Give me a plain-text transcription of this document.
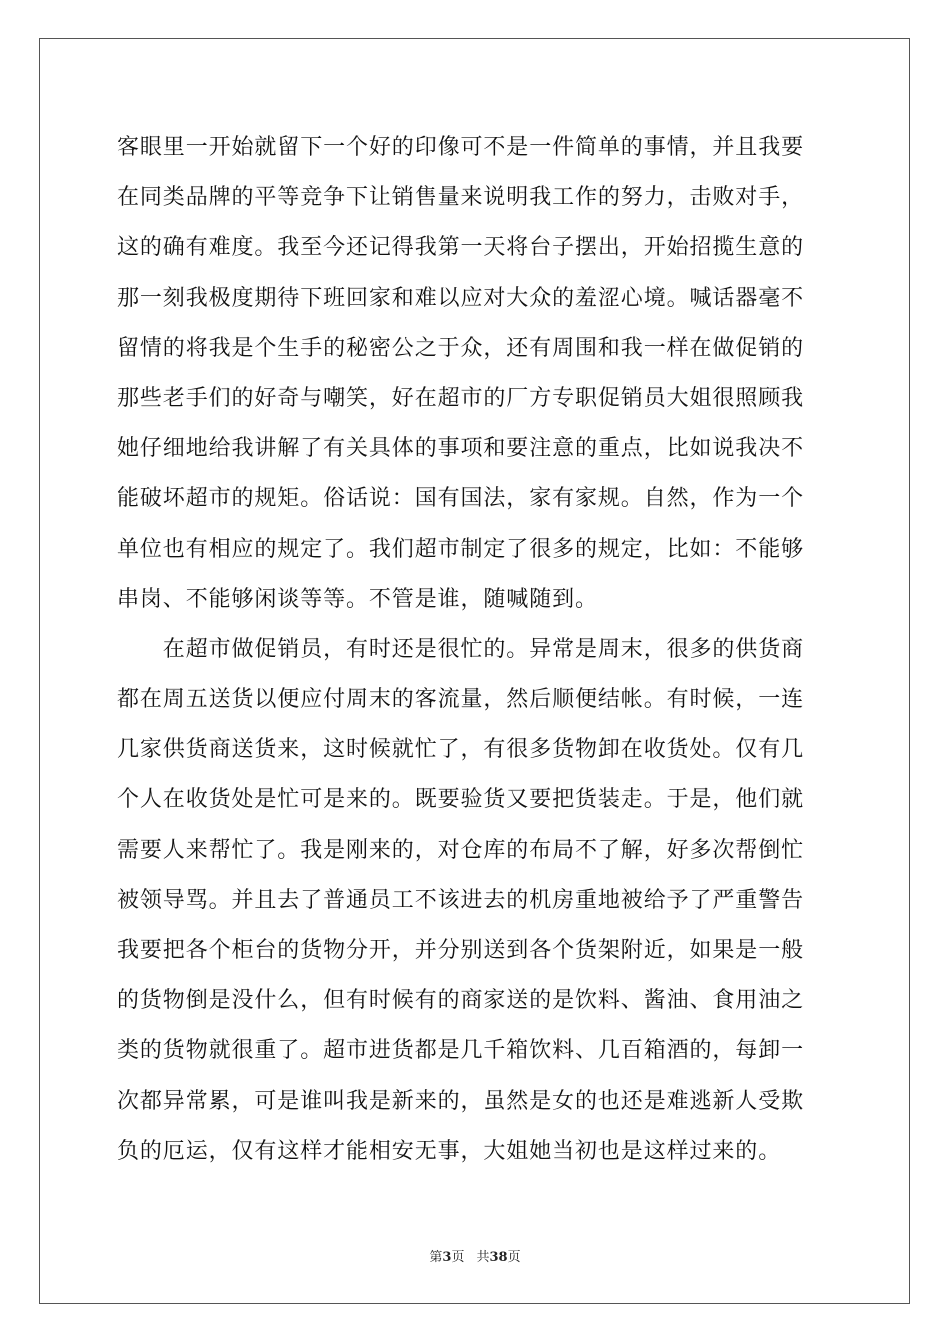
客眼里一开始就留下一个好的印像可不是一件简单的事情，并且我要
在同类品牌的平等竞争下让销售量来说明我工作的努力，击败对手，
这的确有难度。我至今还记得我第一天将台子摆出，开始招揽生意的
那一刻我极度期待下班回家和难以应对大众的羞涩心境。喊话器毫不
留情的将我是个生手的秘密公之于众，还有周围和我一样在做促销的
那些老手们的好奇与嘲笑，好在超市的厂方专职促销员大姐很照顾我
她仔细地给我讲解了有关具体的事项和要注意的重点，比如说我决不
能破坏超市的规矩。俗话说：国有国法，家有家规。自然，作为一个
单位也有相应的规定了。我们超市制定了很多的规定，比如：不能够
串岗、不能够闲谈等等。不管是谁，随喊随到。
　　在超市做促销员，有时还是很忙的。异常是周末，很多的供货商
都在周五送货以便应付周末的客流量，然后顺便结帐。有时候，一连
几家供货商送货来，这时候就忙了，有很多货物卸在收货处。仅有几
个人在收货处是忙可是来的。既要验货又要把货装走。于是，他们就
需要人来帮忙了。我是刚来的，对仓库的布局不了解，好多次帮倒忙
被领导骂。并且去了普通员工不该进去的机房重地被给予了严重警告
我要把各个柜台的货物分开，并分别送到各个货架附近，如果是一般
的货物倒是没什么，但有时候有的商家送的是饮料、酱油、食用油之
类的货物就很重了。超市进货都是几千箱饮料、几百箱酒的，每卸一
次都异常累，可是谁叫我是新来的，虽然是女的也还是难逃新人受欺
负的厄运，仅有这样才能相安无事，大姐她当初也是这样过来的。
第3页 共38页
